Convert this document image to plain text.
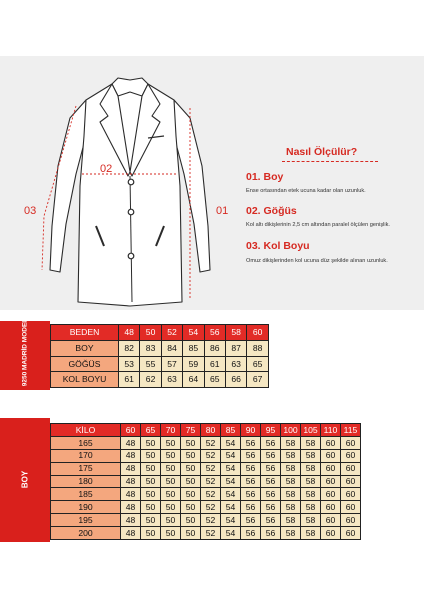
03
02
01
Nasıl Ölçülür?
01. Boy
Ense ortasından etek ucuna kadar olan uzunluk.
02. Göğüs
Kol altı dikişlerinin 2,5 cm altından paralel ölçülen genişlik.
03. Kol Boyu
Omuz dikişlerinden kol ucuna düz şekilde alınan uzunluk.
9250 MADRİD MODEL	BEDEN	48	50	52	54	56	58	60
BOY	82	83	84	85	86	87	88
GÖĞÜS	53	55	57	59	61	63	65
KOL BOYU	61	62	63	64	65	66	67
BOY
KİLO	60	65	70	75	80	85	90	95	100	105	110	115
165	48	50	50	50	52	54	56	56	58	58	60	60
170	48	50	50	50	52	54	56	56	58	58	60	60
175	48	50	50	50	52	54	56	56	58	58	60	60
180	48	50	50	50	52	54	56	56	58	58	60	60
185	48	50	50	50	52	54	56	56	58	58	60	60
190	48	50	50	50	52	54	56	56	58	58	60	60
195	48	50	50	50	52	54	56	56	58	58	60	60
200	48	50	50	50	52	54	56	56	58	58	60	60
